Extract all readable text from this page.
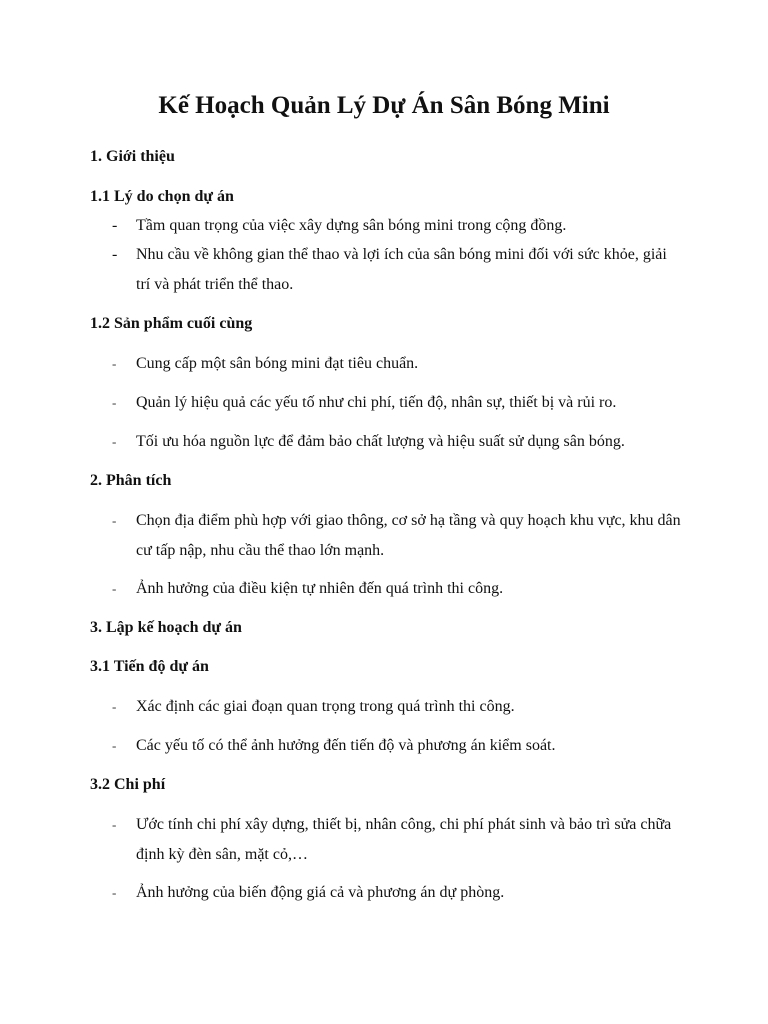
Kế Hoạch Quản Lý Dự Án Sân Bóng Mini
1. Giới thiệu
1.1 Lý do chọn dự án
- Tầm quan trọng của việc xây dựng sân bóng mini trong cộng đồng.
- Nhu cầu về không gian thể thao và lợi ích của sân bóng mini đối với sức khỏe, giải trí và phát triển thể thao.
1.2 Sản phẩm cuối cùng
-	Cung cấp một sân bóng mini đạt tiêu chuẩn.
-	Quản lý hiệu quả các yếu tố như chi phí, tiến độ, nhân sự, thiết bị và rủi ro.
-	Tối ưu hóa nguồn lực để đảm bảo chất lượng và hiệu suất sử dụng sân bóng.
2. Phân tích
-	Chọn địa điểm phù hợp với giao thông, cơ sở hạ tầng và quy hoạch khu vực, khu dân cư tấp nập, nhu cầu thể thao lớn mạnh.
-	Ảnh hưởng của điều kiện tự nhiên đến quá trình thi công.
3. Lập kế hoạch dự án
3.1 Tiến độ dự án
-	Xác định các giai đoạn quan trọng trong quá trình thi công.
-	Các yếu tố có thể ảnh hưởng đến tiến độ và phương án kiểm soát.
3.2 Chi phí
-	Ước tính chi phí xây dựng, thiết bị, nhân công, chi phí phát sinh và bảo trì sửa chữa định kỳ đèn sân, mặt cỏ,…
-	Ảnh hưởng của biến động giá cả và phương án dự phòng.
